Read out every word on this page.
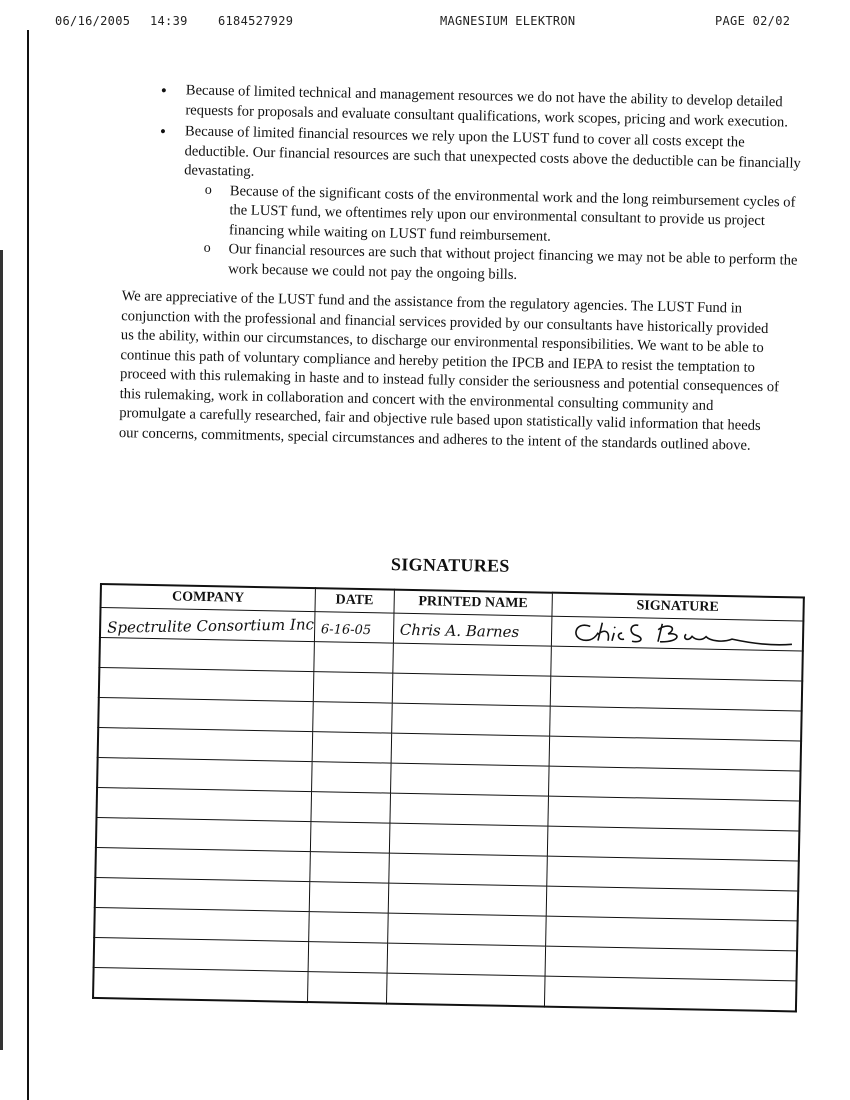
06/16/2005 14:39	6184527929	MAGNESIUM ELEKTRON	PAGE 02/02
• Because of limited technical and management resources we do not have the ability to develop detailed requests for proposals and evaluate consultant qualifications, work scopes, pricing and work execution.
• Because of limited financial resources we rely upon the LUST fund to cover all costs except the deductible. Our financial resources are such that unexpected costs above the deductible can be financially devastating.
o Because of the significant costs of the environmental work and the long reimbursement cycles of the LUST fund, we oftentimes rely upon our environmental consultant to provide us project financing while waiting on LUST fund reimbursement.
o Our financial resources are such that without project financing we may not be able to perform the work because we could not pay the ongoing bills.

We are appreciative of the LUST fund and the assistance from the regulatory agencies. The LUST Fund in conjunction with the professional and financial services provided by our consultants have historically provided us the ability, within our circumstances, to discharge our environmental responsibilities. We want to be able to continue this path of voluntary compliance and hereby petition the IPCB and IEPA to resist the temptation to proceed with this rulemaking in haste and to instead fully consider the seriousness and potential consequences of this rulemaking, work in collaboration and concert with the environmental consulting community and promulgate a carefully researched, fair and objective rule based upon statistically valid information that heeds our concerns, commitments, special circumstances and adheres to the intent of the standards outlined above.

SIGNATURES
COMPANY	DATE	PRINTED NAME	SIGNATURE
Spectrulite Consortium Inc	6-16-05	Chris A. Barnes	
